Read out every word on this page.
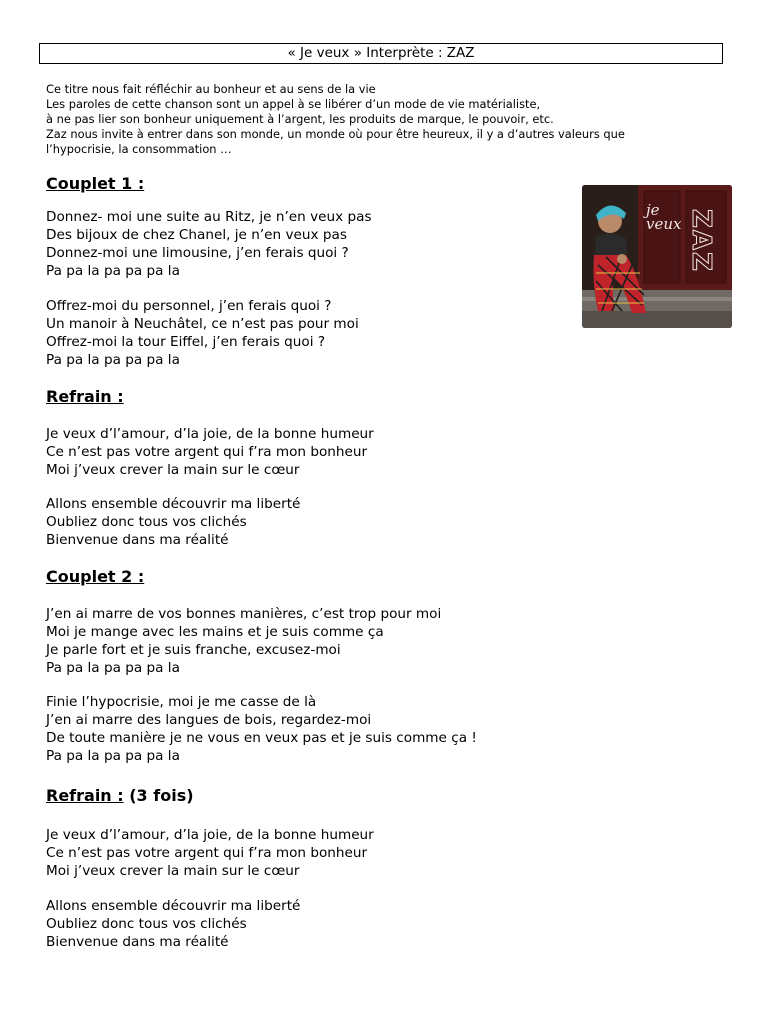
« Je veux » Interprète : ZAZ
Ce titre nous fait réfléchir au bonheur et au sens de la vie
Les paroles de cette chanson sont un appel à se libérer d’un mode de vie matérialiste,
à ne pas lier son bonheur uniquement à l’argent, les produits de marque, le pouvoir, etc.
Zaz nous invite à entrer dans son monde, un monde où pour être heureux, il y a d’autres valeurs que
l’hypocrisie, la consommation …
Couplet 1 :
Donnez- moi une suite au Ritz, je n’en veux pas
Des bijoux de chez Chanel, je n’en veux pas
Donnez-moi une limousine, j’en ferais quoi ?
Pa pa la pa pa pa la
Offrez-moi du personnel, j’en ferais quoi ?
Un manoir à Neuchâtel, ce n’est pas pour moi
Offrez-moi la tour Eiffel, j’en ferais quoi ?
Pa pa la pa pa pa la
Refrain :
Je veux d’l’amour, d’la joie, de la bonne humeur
Ce n’est pas votre argent qui f’ra mon bonheur
Moi j’veux crever la main sur le cœur
Allons ensemble découvrir ma liberté
Oubliez donc tous vos clichés
Bienvenue dans ma réalité
Couplet 2 :
J’en ai marre de vos bonnes manières, c’est trop pour moi
Moi je mange avec les mains et je suis comme ça
Je parle fort et je suis franche, excusez-moi
Pa pa la pa pa pa la
Finie l’hypocrisie, moi je me casse de là
J’en ai marre des langues de bois, regardez-moi
De toute manière je ne vous en veux pas et je suis comme ça !
Pa pa la pa pa pa la
Refrain : (3 fois)
Je veux d’l’amour, d’la joie, de la bonne humeur
Ce n’est pas votre argent qui f’ra mon bonheur
Moi j’veux crever la main sur le cœur
Allons ensemble découvrir ma liberté
Oubliez donc tous vos clichés
Bienvenue dans ma réalité
je veux ZAZ
